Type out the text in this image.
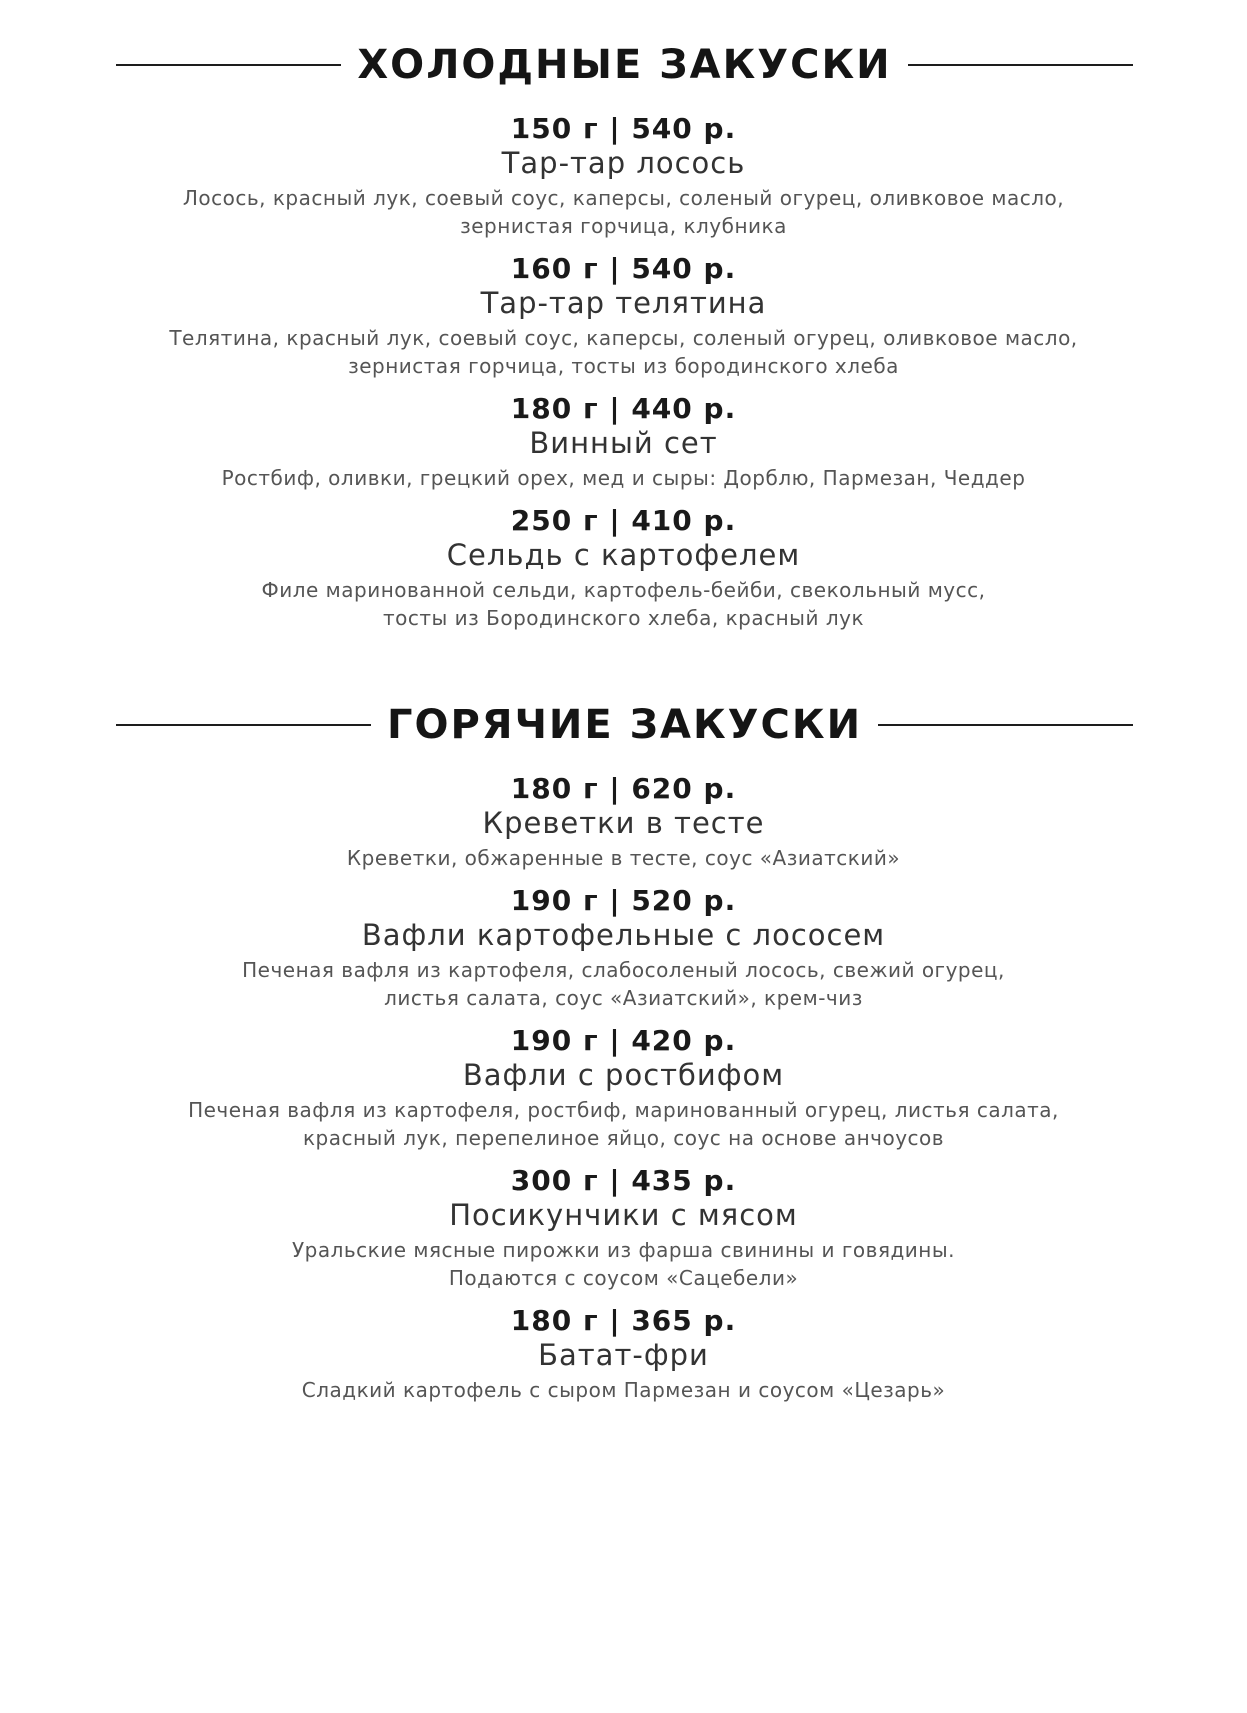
ХОЛОДНЫЕ ЗАКУСКИ
150 г | 540 р.
Тар-тар лосось
Лосось, красный лук, соевый соус, каперсы, соленый огурец, оливковое масло,
зернистая горчица, клубника
160 г | 540 р.
Тар-тар телятина
Телятина, красный лук, соевый соус, каперсы, соленый огурец, оливковое масло,
зернистая горчица, тосты из бородинского хлеба
180 г | 440 р.
Винный сет
Ростбиф, оливки, грецкий орех, мед и сыры: Дорблю, Пармезан, Чеддер
250 г | 410 р.
Сельдь с картофелем
Филе маринованной сельди, картофель-бейби, свекольный мусс,
тосты из Бородинского хлеба, красный лук
ГОРЯЧИЕ ЗАКУСКИ
180 г | 620 р.
Креветки в тесте
Креветки, обжаренные в тесте, соус «Азиатский»
190 г | 520 р.
Вафли картофельные с лососем
Печеная вафля из картофеля, слабосоленый лосось, свежий огурец,
листья салата, соус «Азиатский», крем-чиз
190 г | 420 р.
Вафли с ростбифом
Печеная вафля из картофеля, ростбиф, маринованный огурец, листья салата,
красный лук, перепелиное яйцо, соус на основе анчоусов
300 г | 435 р.
Посикунчики с мясом
Уральские мясные пирожки из фарша свинины и говядины.
Подаются с соусом «Сацебели»
180 г | 365 р.
Батат-фри
Сладкий картофель с сыром Пармезан и соусом «Цезарь»
